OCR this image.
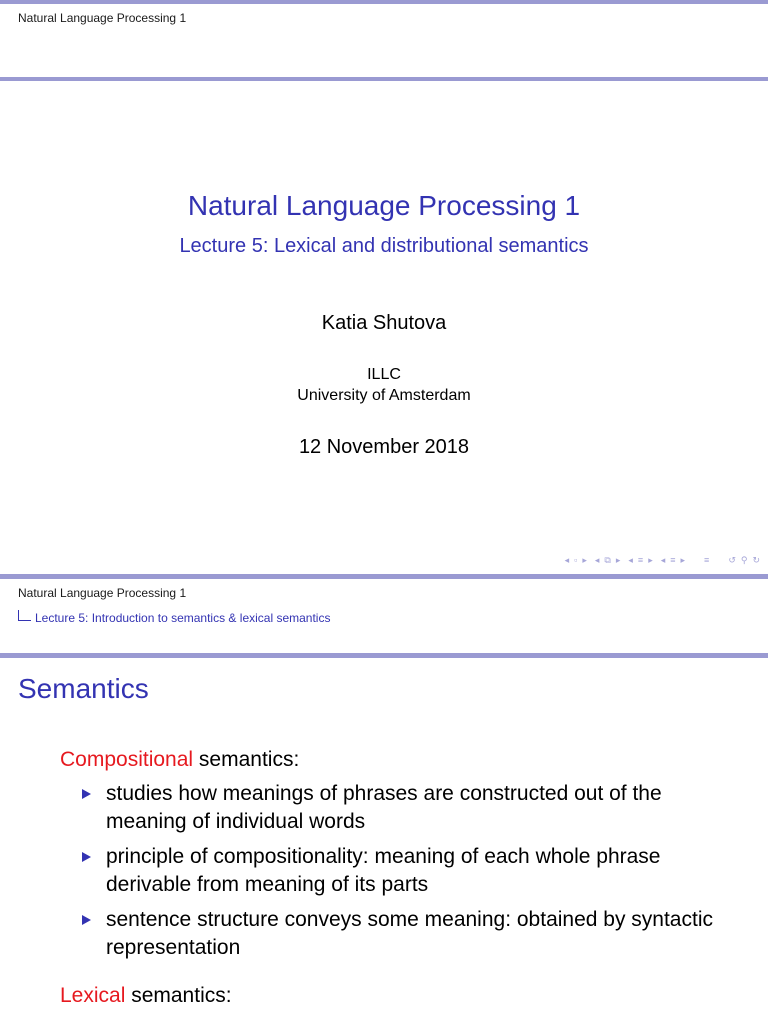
Natural Language Processing 1
Natural Language Processing 1
Lecture 5: Lexical and distributional semantics
Katia Shutova
ILLC
University of Amsterdam
12 November 2018
◂ ▫ ▸ ◂ ⧉ ▸ ◂ ≡ ▸ ◂ ≡ ▸ ≡ ↺ ⚲ ↻
Natural Language Processing 1
Lecture 5: Introduction to semantics & lexical semantics
Semantics

Compositional semantics:

studies how meanings of phrases are constructed out of the meaning of individual words
principle of compositionality: meaning of each whole phrase derivable from meaning of its parts
sentence structure conveys some meaning: obtained by syntactic representation

Lexical semantics:
